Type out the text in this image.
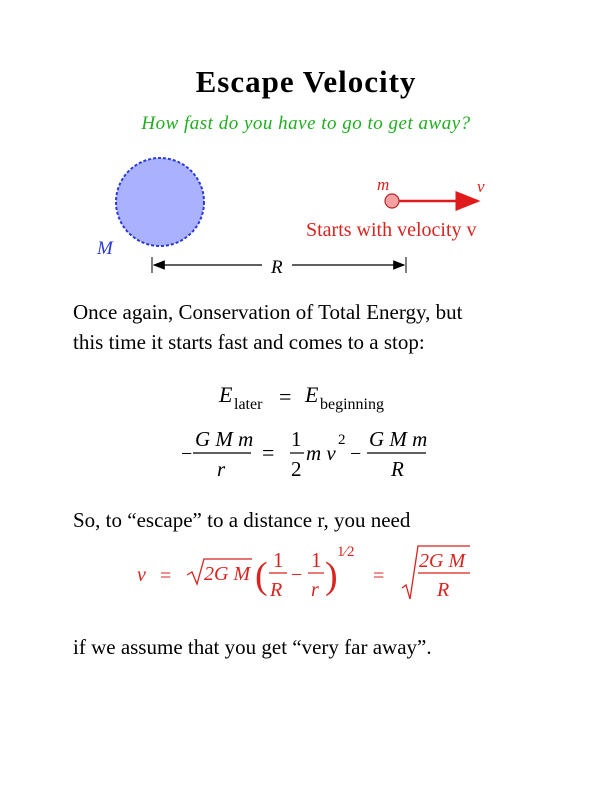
Escape Velocity
How fast do you have to go to get away?
M
m	v
Starts with velocity v
R
E later = E beginning
−
G M m
r
=
1
2
m v
2
−
G M m
R
v = 2G M ( 1
R
−
1
r )
1⁄2
=
2G M
R
Once again, Conservation of Total Energy, but
this time it starts fast and comes to a stop:
So, to “escape” to a distance r, you need
if we assume that you get “very far away”.
